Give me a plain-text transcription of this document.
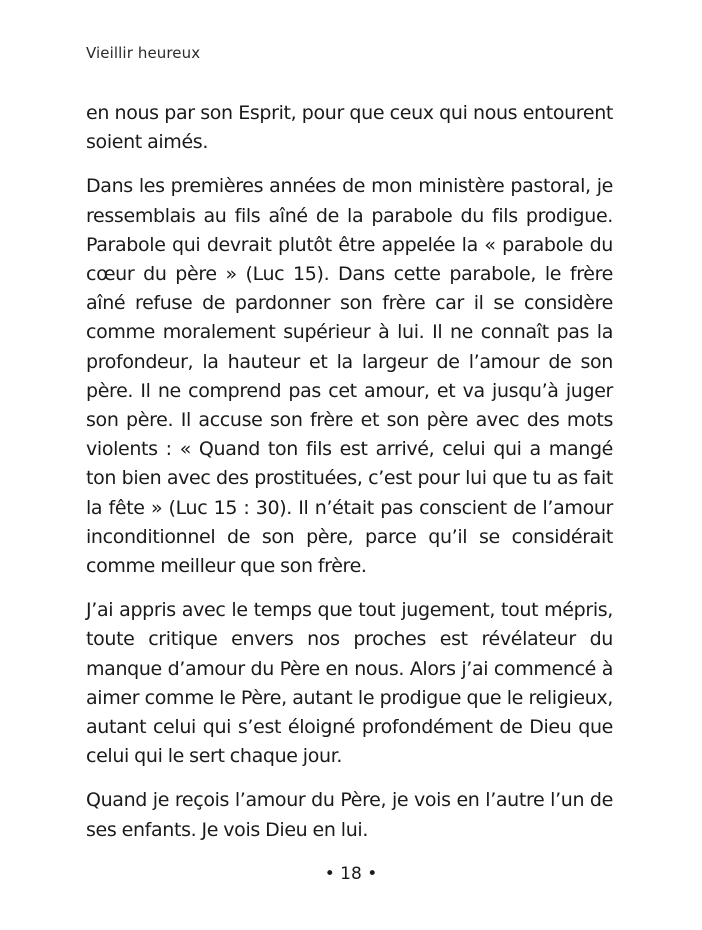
Vieillir heureux

en nous par son Esprit, pour que ceux qui nous entourent soient aimés.

Dans les premières années de mon ministère pastoral, je ressemblais au fils aîné de la parabole du fils prodigue. Parabole qui devrait plutôt être appelée la « parabole du cœur du père » (Luc 15). Dans cette parabole, le frère aîné refuse de pardonner son frère car il se considère comme moralement supérieur à lui. Il ne connaît pas la profondeur, la hauteur et la largeur de l’amour de son père. Il ne comprend pas cet amour, et va jusqu’à juger son père. Il accuse son frère et son père avec des mots violents : « Quand ton fils est arrivé, celui qui a mangé ton bien avec des prostituées, c’est pour lui que tu as fait la fête » (Luc 15 : 30). Il n’était pas conscient de l’amour inconditionnel de son père, parce qu’il se considérait comme meilleur que son frère.

J’ai appris avec le temps que tout jugement, tout mépris, toute critique envers nos proches est révélateur du manque d’amour du Père en nous. Alors j’ai commencé à aimer comme le Père, autant le prodigue que le religieux, autant celui qui s’est éloigné profondément de Dieu que celui qui le sert chaque jour.

Quand je reçois l’amour du Père, je vois en l’autre l’un de ses enfants. Je vois Dieu en lui.

• 18 •
